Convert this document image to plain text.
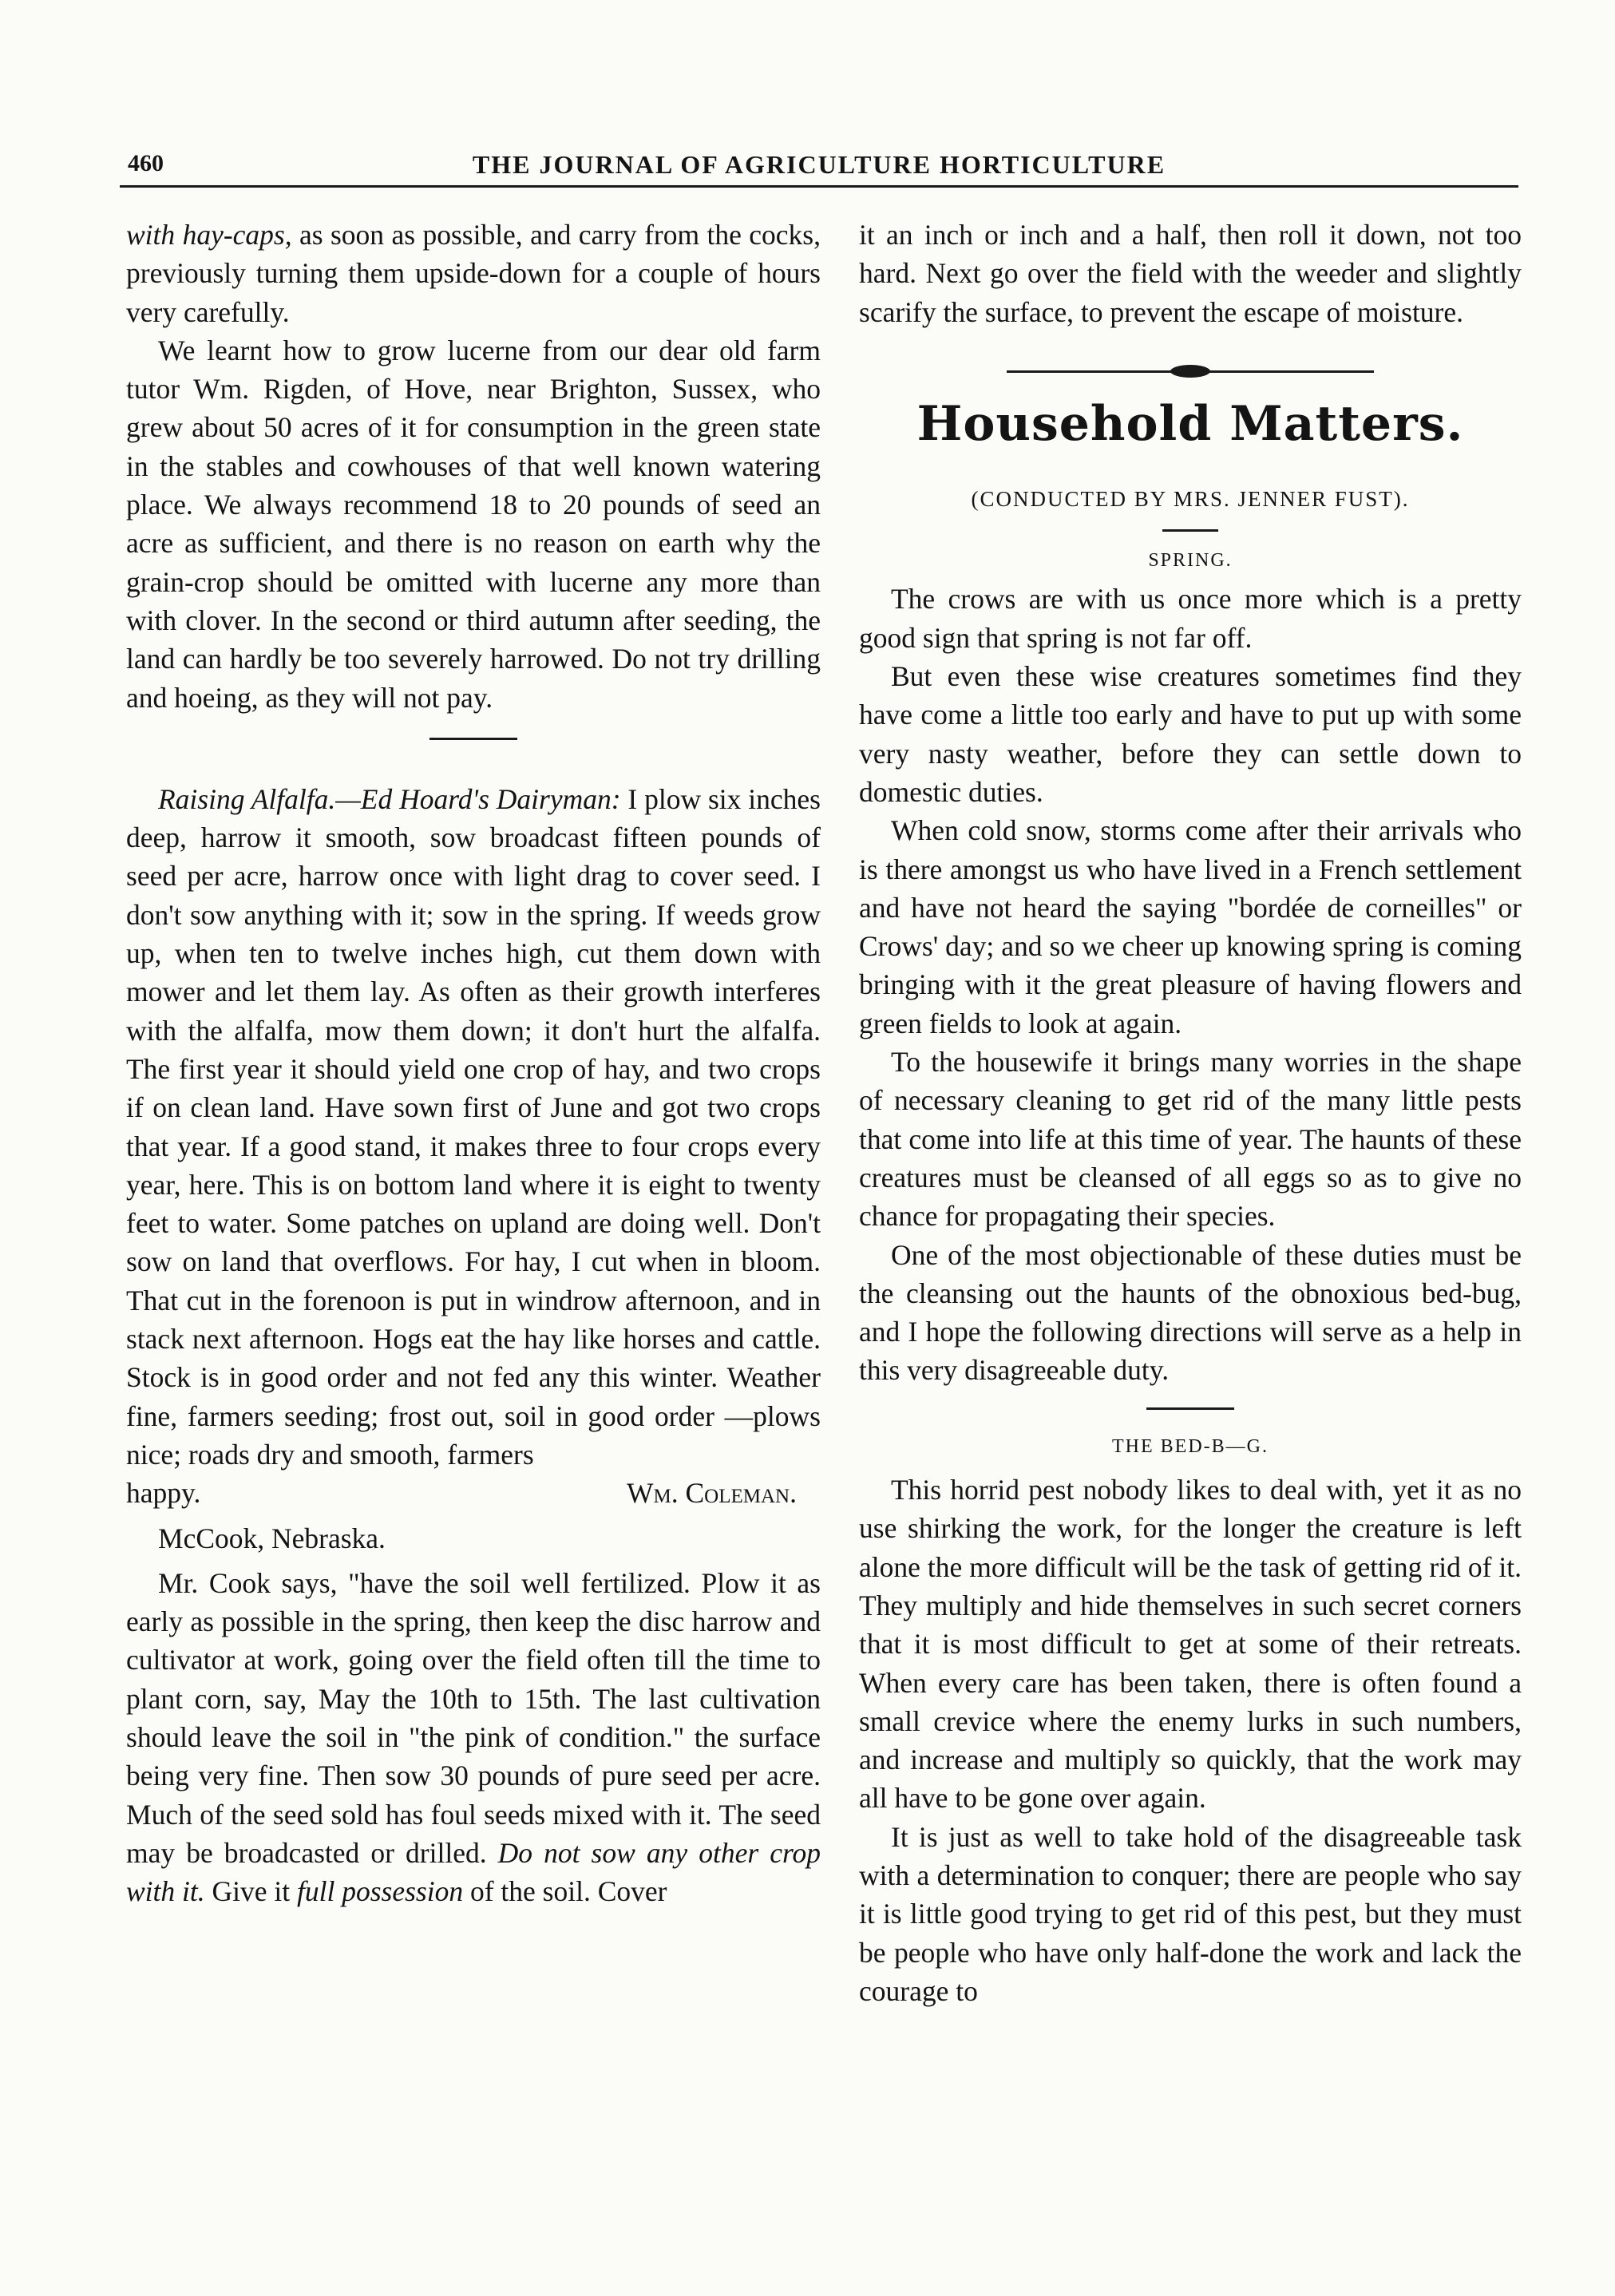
460	THE JOURNAL OF AGRICULTURE HORTICULTURE

with hay-caps, as soon as possible, and carry from the cocks, previously turning them upside-down for a couple of hours very carefully.

We learnt how to grow lucerne from our dear old farm tutor Wm. Rigden, of Hove, near Brighton, Sussex, who grew about 50 acres of it for consumption in the green state in the stables and cowhouses of that well known watering place. We always recommend 18 to 20 pounds of seed an acre as sufficient, and there is no reason on earth why the grain-crop should be omitted with lucerne any more than with clover. In the second or third autumn after seeding, the land can hardly be too severely harrowed. Do not try drilling and hoeing, as they will not pay.

Raising Alfalfa.—Ed Hoard's Dairyman: I plow six inches deep, harrow it smooth, sow broadcast fifteen pounds of seed per acre, harrow once with light drag to cover seed. I don't sow anything with it; sow in the spring. If weeds grow up, when ten to twelve inches high, cut them down with mower and let them lay. As often as their growth interferes with the alfalfa, mow them down; it don't hurt the alfalfa. The first year it should yield one crop of hay, and two crops if on clean land. Have sown first of June and got two crops that year. If a good stand, it makes three to four crops every year, here. This is on bottom land where it is eight to twenty feet to water. Some patches on upland are doing well. Don't sow on land that overflows. For hay, I cut when in bloom. That cut in the forenoon is put in windrow afternoon, and in stack next afternoon. Hogs eat the hay like horses and cattle. Stock is in good order and not fed any this winter. Weather fine, farmers seeding; frost out, soil in good order —plows nice; roads dry and smooth, farmers

happy.	Wm. Coleman.

McCook, Nebraska.

Mr. Cook says, "have the soil well fertilized. Plow it as early as possible in the spring, then keep the disc harrow and cultivator at work, going over the field often till the time to plant corn, say, May the 10th to 15th. The last cultivation should leave the soil in "the pink of condition." the surface being very fine. Then sow 30 pounds of pure seed per acre. Much of the seed sold has foul seeds mixed with it. The seed may be broadcasted or drilled. Do not sow any other crop with it. Give it full possession of the soil. Cover

it an inch or inch and a half, then roll it down, not too hard. Next go over the field with the weeder and slightly scarify the surface, to prevent the escape of moisture.

Household Matters.
(CONDUCTED BY MRS. JENNER FUST).
SPRING.

The crows are with us once more which is a pretty good sign that spring is not far off.

But even these wise creatures sometimes find they have come a little too early and have to put up with some very nasty weather, before they can settle down to domestic duties.

When cold snow, storms come after their arrivals who is there amongst us who have lived in a French settlement and have not heard the saying "bordée de corneilles" or Crows' day; and so we cheer up knowing spring is coming bringing with it the great pleasure of having flowers and green fields to look at again.

To the housewife it brings many worries in the shape of necessary cleaning to get rid of the many little pests that come into life at this time of year. The haunts of these creatures must be cleansed of all eggs so as to give no chance for propagating their species.

One of the most objectionable of these duties must be the cleansing out the haunts of the obnoxious bed-bug, and I hope the following directions will serve as a help in this very disagreeable duty.

THE BED-B—G.

This horrid pest nobody likes to deal with, yet it as no use shirking the work, for the longer the creature is left alone the more difficult will be the task of getting rid of it. They multiply and hide themselves in such secret corners that it is most difficult to get at some of their retreats. When every care has been taken, there is often found a small crevice where the enemy lurks in such numbers, and increase and multiply so quickly, that the work may all have to be gone over again.

It is just as well to take hold of the disagreeable task with a determination to conquer; there are people who say it is little good trying to get rid of this pest, but they must be people who have only half-done the work and lack the courage to
